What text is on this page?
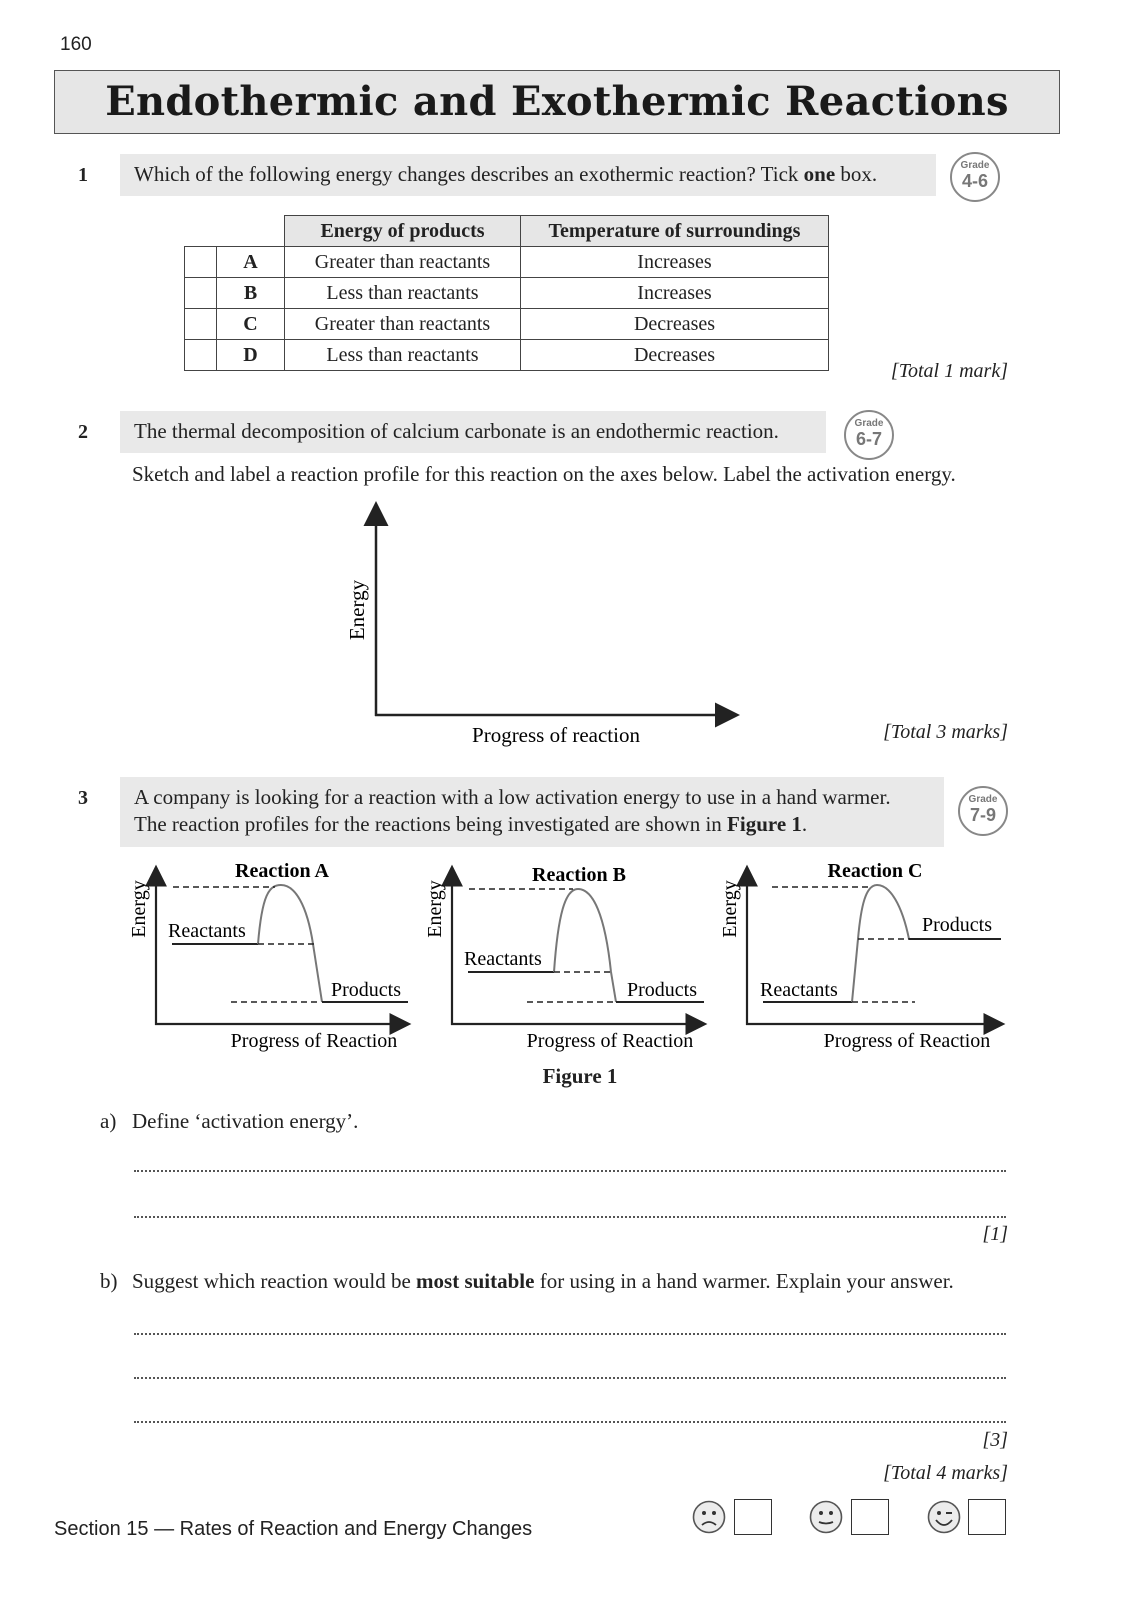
160
Endothermic and Exothermic Reactions
1	Which of the following energy changes describes an exothermic reaction? Tick one box.	Grade
4-6
		Energy of products	Temperature of surroundings
	A	Greater than reactants	Increases
	B	Less than reactants	Increases
	C	Greater than reactants	Decreases
	D	Less than reactants	Decreases
[Total 1 mark]
2	The thermal decomposition of calcium carbonate is an endothermic reaction.	Grade
6-7
Sketch and label a reaction profile for this reaction on the axes below. Label the activation energy.
Energy
Progress of reaction	[Total 3 marks]
3 A company is looking for a reaction with a low activation energy to use in a hand warmer.
The reaction profiles for the reactions being investigated are shown in Figure 1.
Grade
7-9
Reaction A
Energy
Progress of Reaction
Reactants
Products
Reaction B
Energy
Progress of Reaction
Reactants
Products
Reaction C
Energy
Progress of Reaction
Reactants
Products
Figure 1
a) Define ‘activation energy’.
[1]
b) Suggest which reaction would be most suitable for using in a hand warmer. Explain your answer.
[3]
[Total 4 marks]
Section 15 — Rates of Reaction and Energy Changes
